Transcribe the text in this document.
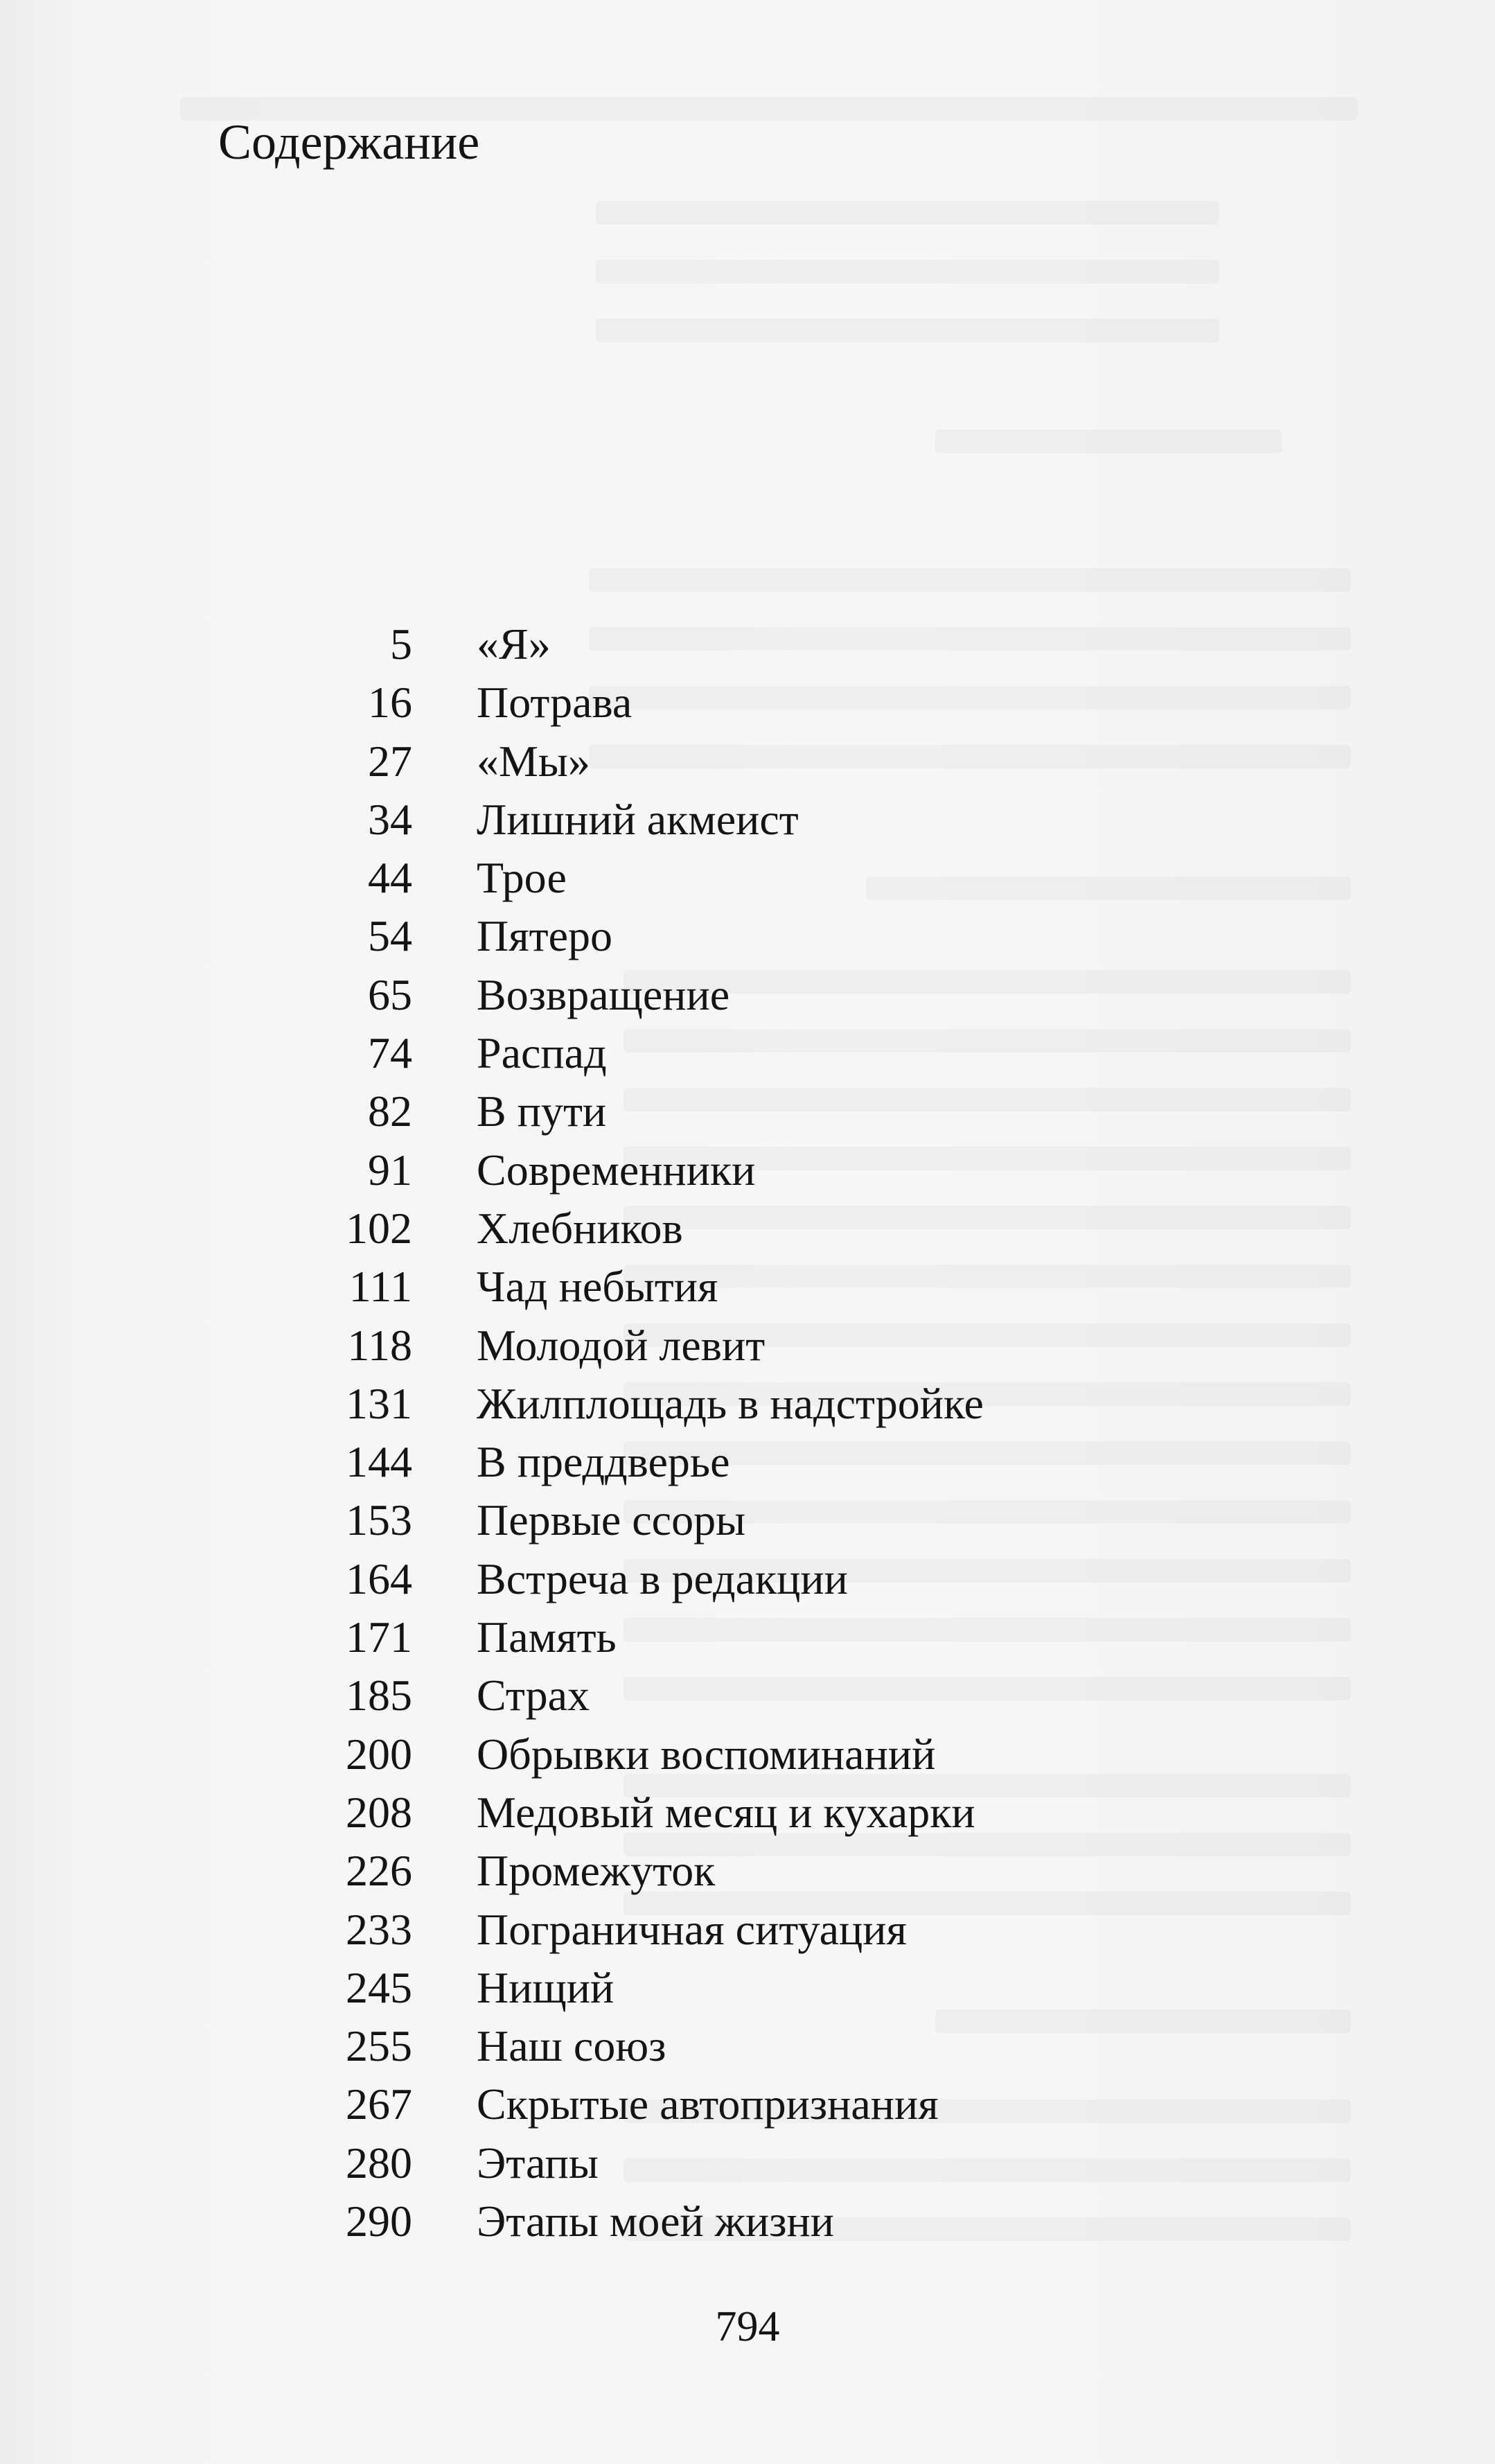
Содержание
5 «Я»
16 Потрава
27 «Мы»
34 Лишний акмеист
44 Трое
54 Пятеро
65 Возвращение
74 Распад
82 В пути
91 Современники
102 Хлебников
111 Чад небытия
118 Молодой левит
131 Жилплощадь в надстройке
144 В преддверье
153 Первые ссоры
164 Встреча в редакции
171 Память
185 Страх
200 Обрывки воспоминаний
208 Медовый месяц и кухарки
226 Промежуток
233 Пограничная ситуация
245 Нищий
255 Наш союз
267 Скрытые автопризнания
280 Этапы
290 Этапы моей жизни
794
